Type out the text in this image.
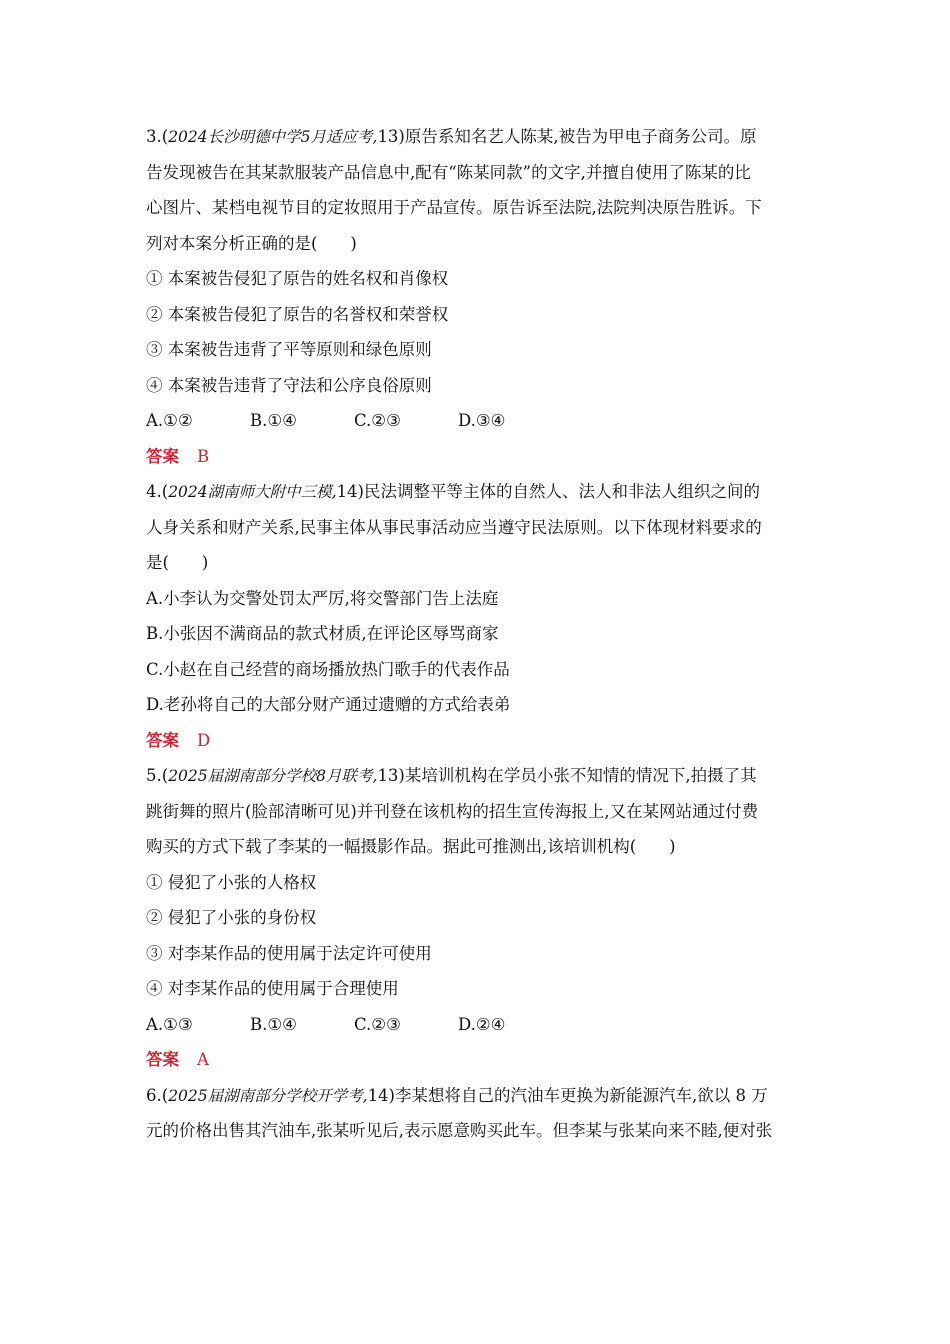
3.(2024长沙明德中学5月适应考,13)原告系知名艺人陈某,被告为甲电子商务公司。原
告发现被告在其某款服装产品信息中,配有“陈某同款”的文字,并擅自使用了陈某的比
心图片、某档电视节目的定妆照用于产品宣传。原告诉至法院,法院判决原告胜诉。下
列对本案分析正确的是(　　)
① 本案被告侵犯了原告的姓名权和肖像权
② 本案被告侵犯了原告的名誉权和荣誉权
③ 本案被告违背了平等原则和绿色原则
④ 本案被告违背了守法和公序良俗原则
A.①②	B.①④	C.②③	D.③④
答案 B
4.(2024湖南师大附中三模,14)民法调整平等主体的自然人、法人和非法人组织之间的
人身关系和财产关系,民事主体从事民事活动应当遵守民法原则。以下体现材料要求的
是(　　)
A.小李认为交警处罚太严厉,将交警部门告上法庭
B.小张因不满商品的款式材质,在评论区辱骂商家
C.小赵在自己经营的商场播放热门歌手的代表作品
D.老孙将自己的大部分财产通过遗赠的方式给表弟
答案 D
5.(2025届湖南部分学校8月联考,13)某培训机构在学员小张不知情的情况下,拍摄了其
跳街舞的照片(脸部清晰可见)并刊登在该机构的招生宣传海报上,又在某网站通过付费
购买的方式下载了李某的一幅摄影作品。据此可推测出,该培训机构(　　)
① 侵犯了小张的人格权
② 侵犯了小张的身份权
③ 对李某作品的使用属于法定许可使用
④ 对李某作品的使用属于合理使用
A.①③	B.①④	C.②③	D.②④
答案 A
6.(2025届湖南部分学校开学考,14)李某想将自己的汽油车更换为新能源汽车,欲以 8 万
元的价格出售其汽油车,张某听见后,表示愿意购买此车。但李某与张某向来不睦,便对张
